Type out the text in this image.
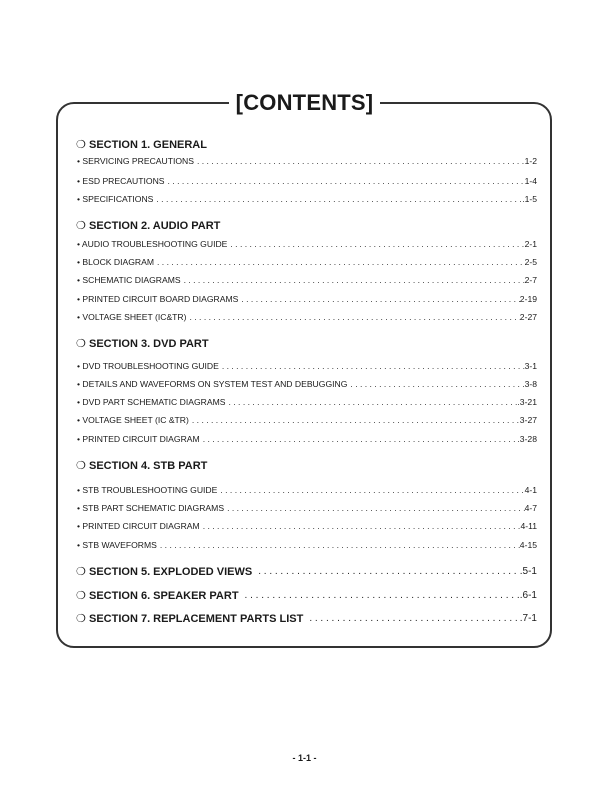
[CONTENTS]
❍ SECTION 1. GENERAL
• SERVICING PRECAUTIONS . . .	1-2
• ESD PRECAUTIONS . . .	1-4
• SPECIFICATIONS . . .	.1-5
❍ SECTION 2. AUDIO PART
• AUDIO TROUBLESHOOTING GUIDE . . .	2-1
• BLOCK DIAGRAM . . .	2-5
• SCHEMATIC DIAGRAMS . . .	2-7
• PRINTED CIRCUIT BOARD DIAGRAMS . . .	2-19
• VOLTAGE SHEET (IC&TR) . . .	2-27
❍ SECTION 3. DVD PART
• DVD TROUBLESHOOTING GUIDE . . .	3-1
• DETAILS AND WAVEFORMS ON SYSTEM TEST AND DEBUGGING . . .	.3-8
• DVD PART SCHEMATIC DIAGRAMS . . .	.3-21
• VOLTAGE SHEET (IC &TR) . . .	3-27
• PRINTED CIRCUIT DIAGRAM . . .	.3-28
❍ SECTION 4. STB PART
• STB TROUBLESHOOTING GUIDE . . .	4-1
• STB PART SCHEMATIC DIAGRAMS . . .	4-7
• PRINTED CIRCUIT DIAGRAM . . .	4-11
• STB WAVEFORMS . . .	4-15
❍ SECTION 5. EXPLODED VIEWS . . .	.5-1
❍ SECTION 6. SPEAKER PART . . .	.6-1
❍ SECTION 7. REPLACEMENT PARTS LIST . . .	.7-1
- 1-1 -
